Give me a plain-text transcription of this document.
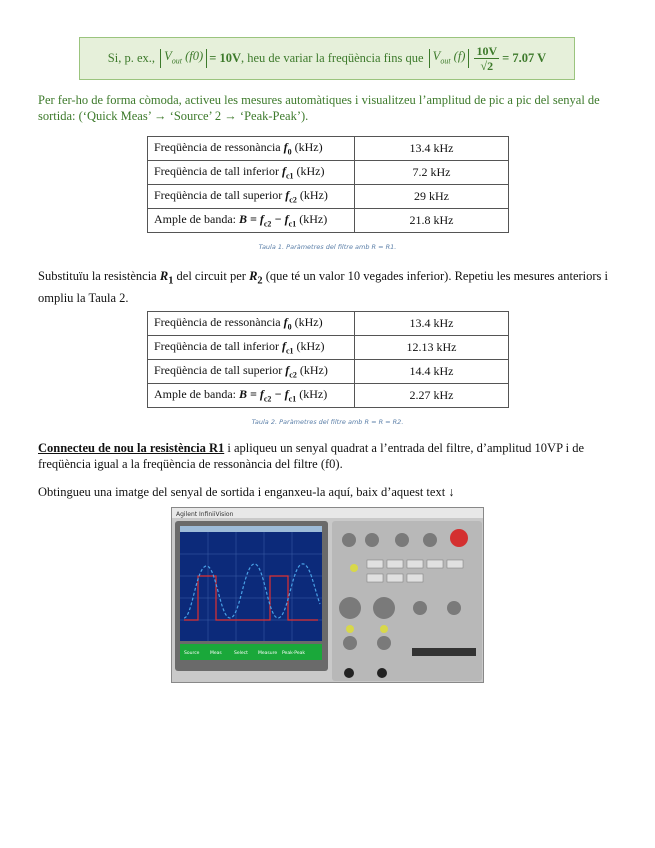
Si, p. ex.,
$V_{out}$ (f0) = 10V , heu de variar la freqüència fins que
$V_{out}$ $(f) \frac{10V}{√2} = 7.07$ V
Per fer-ho de forma còmoda, activeu les mesures automàtiques i visualitzeu l’amplitud de pic a pic del senyal de sortida: (‘Quick Meas’ → ‘Source’ 2 → ‘Peak-Peak’).
Freqüència de ressonància $f_0$ (kHz)	13.4 kHz
Freqüència de tall inferior $f_{c1}$ (kHz)	7.2 kHz
Freqüència de tall superior $f_{c2}$ (kHz)	29 kHz
Ample de banda: $B = f_{c2} - f_{c1}$ (kHz)	21.8 kHz
Taula 1. Paràmetres del filtre amb R = R1.
Substituïu la resistència $R_1$ del circuit per $R_2$ (que té un valor 10 vegades inferior). Repetiu les mesures anteriors i ompliu la Taula 2.
Freqüència de ressonància $f_0$ (kHz)	13.4 kHz
Freqüència de tall inferior $f_{c1}$ (kHz)	12.13 kHz
Freqüència de tall superior $f_{c2}$ (kHz)	14.4 kHz
Ample de banda: $B = f_{c2} - f_{c1}$ (kHz)	2.27 kHz
Taula 2. Paràmetres del filtre amb R = R = R2.
Connecteu de nou la resistència R1 i apliqueu un senyal quadrat a l’entrada del filtre, d’amplitud 10VP i de freqüència igual a la freqüència de ressonància del filtre (f0).
Obtingueu una imatge del senyal de sortida i enganxeu-la aquí, baix d’aquest text ↓
Agilent InfiniiVision
Source Meas	Select Measure Peak-Peak
